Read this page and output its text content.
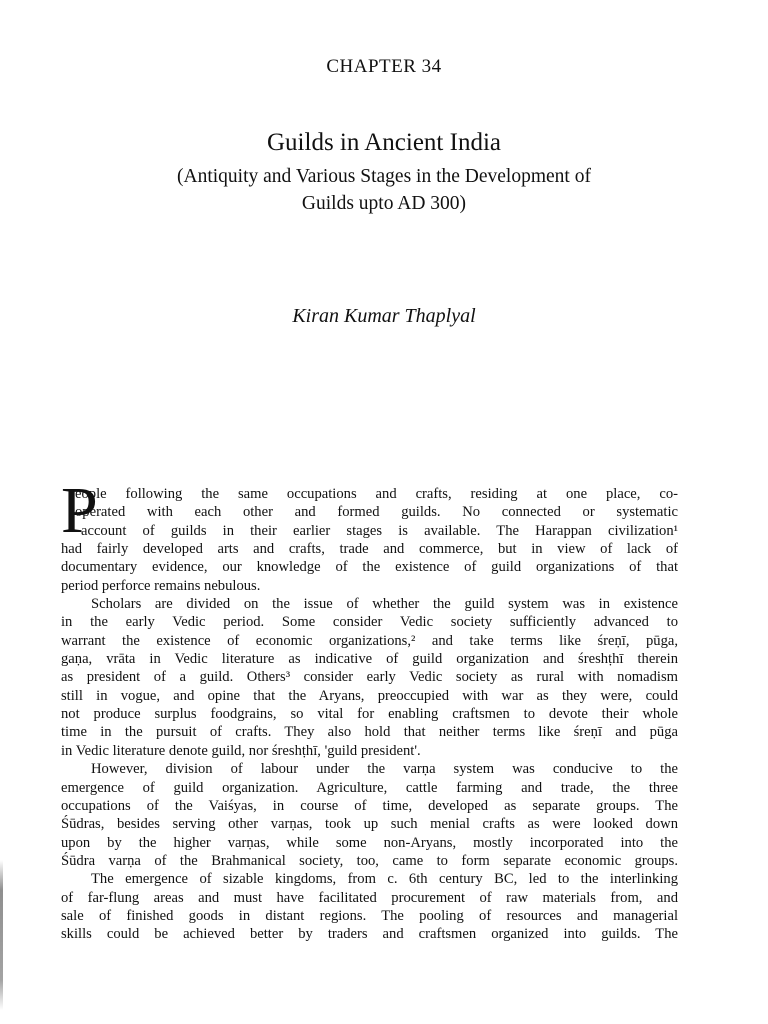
CHAPTER 34
Guilds in Ancient India
(Antiquity and Various Stages in the Development of
Guilds upto AD 300)
Kiran Kumar Thaplyal
P
eople following the same occupations and crafts, residing at one place, co-
operated with each other and formed guilds. No connected or systematic
account of guilds in their earlier stages is available. The Harappan civilization¹
had fairly developed arts and crafts, trade and commerce, but in view of lack of
documentary evidence, our knowledge of the existence of guild organizations of that
period perforce remains nebulous.
Scholars are divided on the issue of whether the guild system was in existence
in the early Vedic period. Some consider Vedic society sufficiently advanced to
warrant the existence of economic organizations,² and take terms like śreṇī, pūga,
gaṇa, vrāta in Vedic literature as indicative of guild organization and śreshṭhī therein
as president of a guild. Others³ consider early Vedic society as rural with nomadism
still in vogue, and opine that the Aryans, preoccupied with war as they were, could
not produce surplus foodgrains, so vital for enabling craftsmen to devote their whole
time in the pursuit of crafts. They also hold that neither terms like śreṇī and pūga
in Vedic literature denote guild, nor śreshṭhī, 'guild president'.
However, division of labour under the varṇa system was conducive to the
emergence of guild organization. Agriculture, cattle farming and trade, the three
occupations of the Vaiśyas, in course of time, developed as separate groups. The
Śūdras, besides serving other varṇas, took up such menial crafts as were looked down
upon by the higher varṇas, while some non-Aryans, mostly incorporated into the
Śūdra varṇa of the Brahmanical society, too, came to form separate economic groups.
The emergence of sizable kingdoms, from c. 6th century BC, led to the interlinking
of far-flung areas and must have facilitated procurement of raw materials from, and
sale of finished goods in distant regions. The pooling of resources and managerial
skills could be achieved better by traders and craftsmen organized into guilds. The
